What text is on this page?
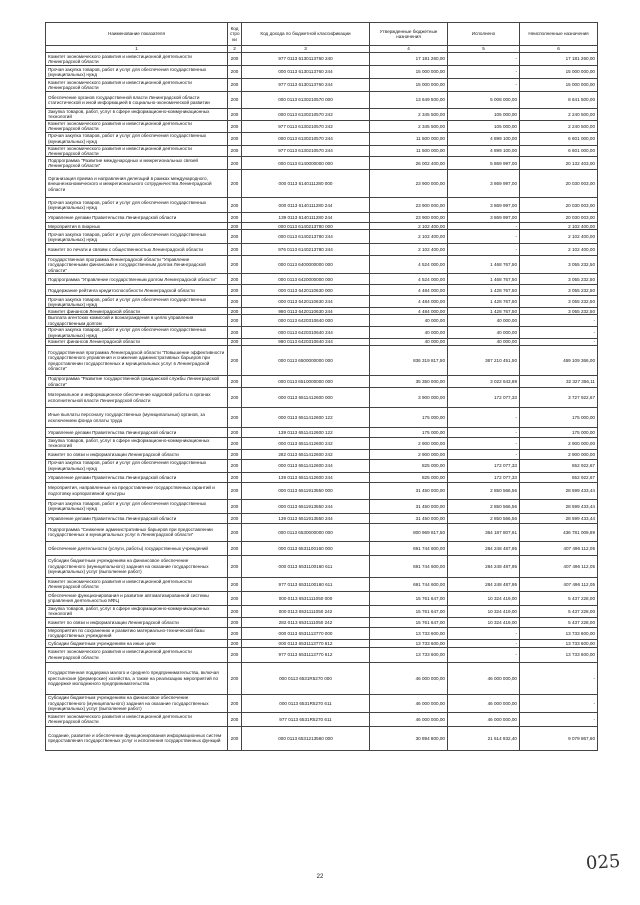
Наименование показателя	Код стро ки	Код дохода по бюджетной классификации	Утвержденные бюджетные назначения	Исполнено	Неисполненные назначения
1	2	3	4	5	6
Комитет экономического развития и инвестиционной деятельности Ленинградской области	200	977 0113 6130113760 240	17 181 260,00	-	17 181 260,00
Прочая закупка товаров, работ и услуг для обеспечения государственных (муниципальных) нужд	200	000 0113 6130113760 244	15 000 000,00	-	15 000 000,00
Комитет экономического развития и инвестиционной деятельности Ленинградской области	200	977 0113 6130113760 244	15 000 000,00	-	15 000 000,00
Обеспечение органов государственной власти Ленинградской области статистической и иной информацией в социально-экономической развитии	200	000 0113 6130210570 000	13 649 500,00	5 008 000,00	8 641 500,00
Закупка товаров, работ, услуг в сфере информационно-коммуникационных технологий	200	000 0113 6130210570 242	2 345 500,00	105 000,00	2 240 500,00
Комитет экономического развития и инвестиционной деятельности Ленинградской области	200	977 0113 6130210570 242	2 345 500,00	105 000,00	2 240 500,00
Прочая закупка товаров, работ и услуг для обеспечения государственных (муниципальных) нужд	200	000 0113 6130210570 244	11 500 000,00	4 899 100,00	6 601 000,00
Комитет экономического развития и инвестиционной деятельности Ленинградской области	200	977 0113 6130210570 244	11 500 000,00	4 899 100,00	6 601 000,00
Подпрограмма "Развитие международных и межрегиональных связей Ленинградской области"	200	000 0113 6140000000 000	26 002 400,00	5 869 997,00	20 132 403,00
Организация приема и направления делегаций в рамках международного, внешнеэкономического и межрегионального сотрудничества Ленинградской области	200	000 0113 6140111280 000	23 900 000,00	3 869 997,00	20 030 003,00
Прочая закупка товаров, работ и услуг для обеспечения государственных (муниципальных) нужд	200	000 0113 6140111280 244	23 900 000,00	3 869 997,00	20 030 003,00
Управление делами Правительства Ленинградской области	200	139 0113 6140111280 244	23 900 000,00	3 869 997,00	20 030 003,00
Мероприятия в пиарных	200	000 0113 6140213780 000	2 102 400,00	-	2 102 400,00
Прочая закупка товаров, работ и услуг для обеспечения государственных (муниципальных) нужд	200	000 0113 6140213780 244	2 102 400,00	-	2 102 400,00
Комитет по печати и связям с общественностью Ленинградской области	200	976 0113 6140213780 244	2 102 400,00	-	2 102 400,00
Государственная программа Ленинградской области "Управление государственными финансами и государственным долгом Ленинградской области"	200	000 0113 6400000000 000	4 524 000,00	1 468 767,50	3 055 232,50
Подпрограмма "Управление государственным долгом Ленинградской области"	200	000 0113 6420000000 000	4 524 000,00	1 468 767,50	3 055 232,50
Поддержание рейтинга кредитоспособности Ленинградской области	200	000 0113 6420110630 000	4 484 000,00	1 428 767,50	3 055 232,50
Прочая закупка товаров, работ и услуг для обеспечения государственных (муниципальных) нужд	200	000 0113 6420110630 244	4 484 000,00	1 428 767,50	3 055 232,50
Комитет финансов Ленинградской области	200	980 0113 6420110630 244	4 484 000,00	1 428 767,50	3 055 232,50
Выплата агентских комиссий и вознаграждения в целях управления государственным долгом	200	000 0113 6420310640 000	40 000,00	40 000,00	-
Прочая закупка товаров, работ и услуг для обеспечения государственных (муниципальных) нужд	200	000 0113 6420310640 244	40 000,00	40 000,00	-
Комитет финансов Ленинградской области	200	980 0113 6420310640 244	40 000,00	40 000,00	-
Государственная программа Ленинградской области "Повышение эффективности государственного управления и снижение административных барьеров при предоставлении государственных и муниципальных услуг в Ленинградской области"	200	000 0113 6500000000 000	836 319 817,50	367 210 451,50	469 109 366,00
Подпрограмма "Развитие государственной гражданской службы Ленинградской области"	200	000 0113 6510000000 000	35 350 000,00	3 022 643,89	32 327 356,11
Материальное и информационное обеспечение кадровой работы в органах исполнительной власти Ленинградской области	200	000 0113 6511412600 000	3 900 000,00	172 077,33	3 727 922,67
Иные выплаты персоналу государственных (муниципальных) органов, за исключением фонда оплаты труда	200	000 0113 6511412600 122	175 000,00	-	175 000,00
Управление делами Правительства Ленинградской области	200	139 0113 6511412600 122	175 000,00	-	175 000,00
Закупка товаров, работ, услуг в сфере информационно-коммуникационных технологий	200	000 0113 6511412600 242	2 900 000,00	-	2 900 000,00
Комитет по связи и информатизации Ленинградской области	200	282 0113 6511412600 242	2 900 000,00	-	2 900 000,00
Прочая закупка товаров, работ и услуг для обеспечения государственных (муниципальных) нужд	200	000 0113 6511412600 244	825 000,00	172 077,33	652 922,67
Управление делами Правительства Ленинградской области	200	139 0113 6511412600 244	825 000,00	172 077,33	652 922,67
Мероприятия, направленные на предоставление государственных гарантий и подготовку корпоративной культуры	200	000 0113 6511913550 000	31 450 000,00	2 850 566,56	28 599 433,44
Прочая закупка товаров, работ и услуг для обеспечения государственных (муниципальных) нужд	200	000 0113 6511913550 244	31 450 000,00	2 850 566,56	28 599 433,44
Управление делами Правительства Ленинградской области	200	139 0113 6511913550 244	31 450 000,00	2 850 566,56	28 599 433,44
Подпрограмма "Снижение административных барьеров при предоставлении государственных и муниципальных услуг в Ленинградской области"	200	000 0113 6530000000 000	800 969 817,50	364 187 807,61	436 781 009,89
Обеспечение деятельности (услуги, работы) государственных учреждений	200	000 0113 6531100160 000	691 744 600,00	284 248 487,95	407 496 112,05
Субсидии бюджетным учреждениям на финансовое обеспечение государственного (муниципального) задания на оказание государственных (муниципальных) услуг (выполнение работ)	200	000 0113 6531100160 611	691 744 600,00	284 248 487,95	407 496 112,05
Комитет экономического развития и инвестиционной деятельности Ленинградской области	200	977 0113 6531100160 611	691 744 600,00	284 248 487,95	407 496 112,05
Обеспечение функционирования и развитие автоматизированной системы управления деятельностью МФЦ	200	000 0113 6531111050 000	15 761 647,00	10 324 419,00	5 437 228,00
Закупка товаров, работ, услуг в сфере информационно-коммуникационных технологий	200	000 0113 6531111050 242	15 761 647,00	10 324 419,00	5 437 228,00
Комитет по связи и информатизации Ленинградской области	200	282 0113 6531111050 242	15 761 647,00	10 324 419,00	5 437 228,00
Мероприятия по сохранению и развитию материально-технической базы государственных учреждений	200	000 0113 6531113770 000	13 733 600,00	-	13 733 600,00
Субсидии бюджетным учреждениям на иные цели	200	000 0113 6531113770 612	13 733 600,00	-	13 733 600,00
Комитет экономического развития и инвестиционной деятельности Ленинградской области	200	977 0113 6531113770 612	13 733 600,00	-	13 733 600,00
Государственная поддержка малого и среднего предпринимательства, включая крестьянские (фермерские) хозяйства, а также на реализацию мероприятий по поддержке молодежного предпринимательства	200	000 0113 6531R5270 000	46 000 000,00	46 000 000,00	-
Субсидии бюджетным учреждениям на финансовое обеспечение государственного (муниципального) задания на оказание государственных (муниципальных) услуг (выполнение работ)	200	000 0113 6531R5270 611	46 000 000,00	46 000 000,00	-
Комитет экономического развития и инвестиционной деятельности Ленинградской области	200	977 0113 6531R5270 611	46 000 000,00	46 000 000,00	-
Создание, развитие и обеспечение функционирования информационных систем предоставления государственных услуг и исполнения государственных функций	200	000 0113 6531213560 000	30 894 800,00	21 614 932,40	9 079 867,60
22
025
